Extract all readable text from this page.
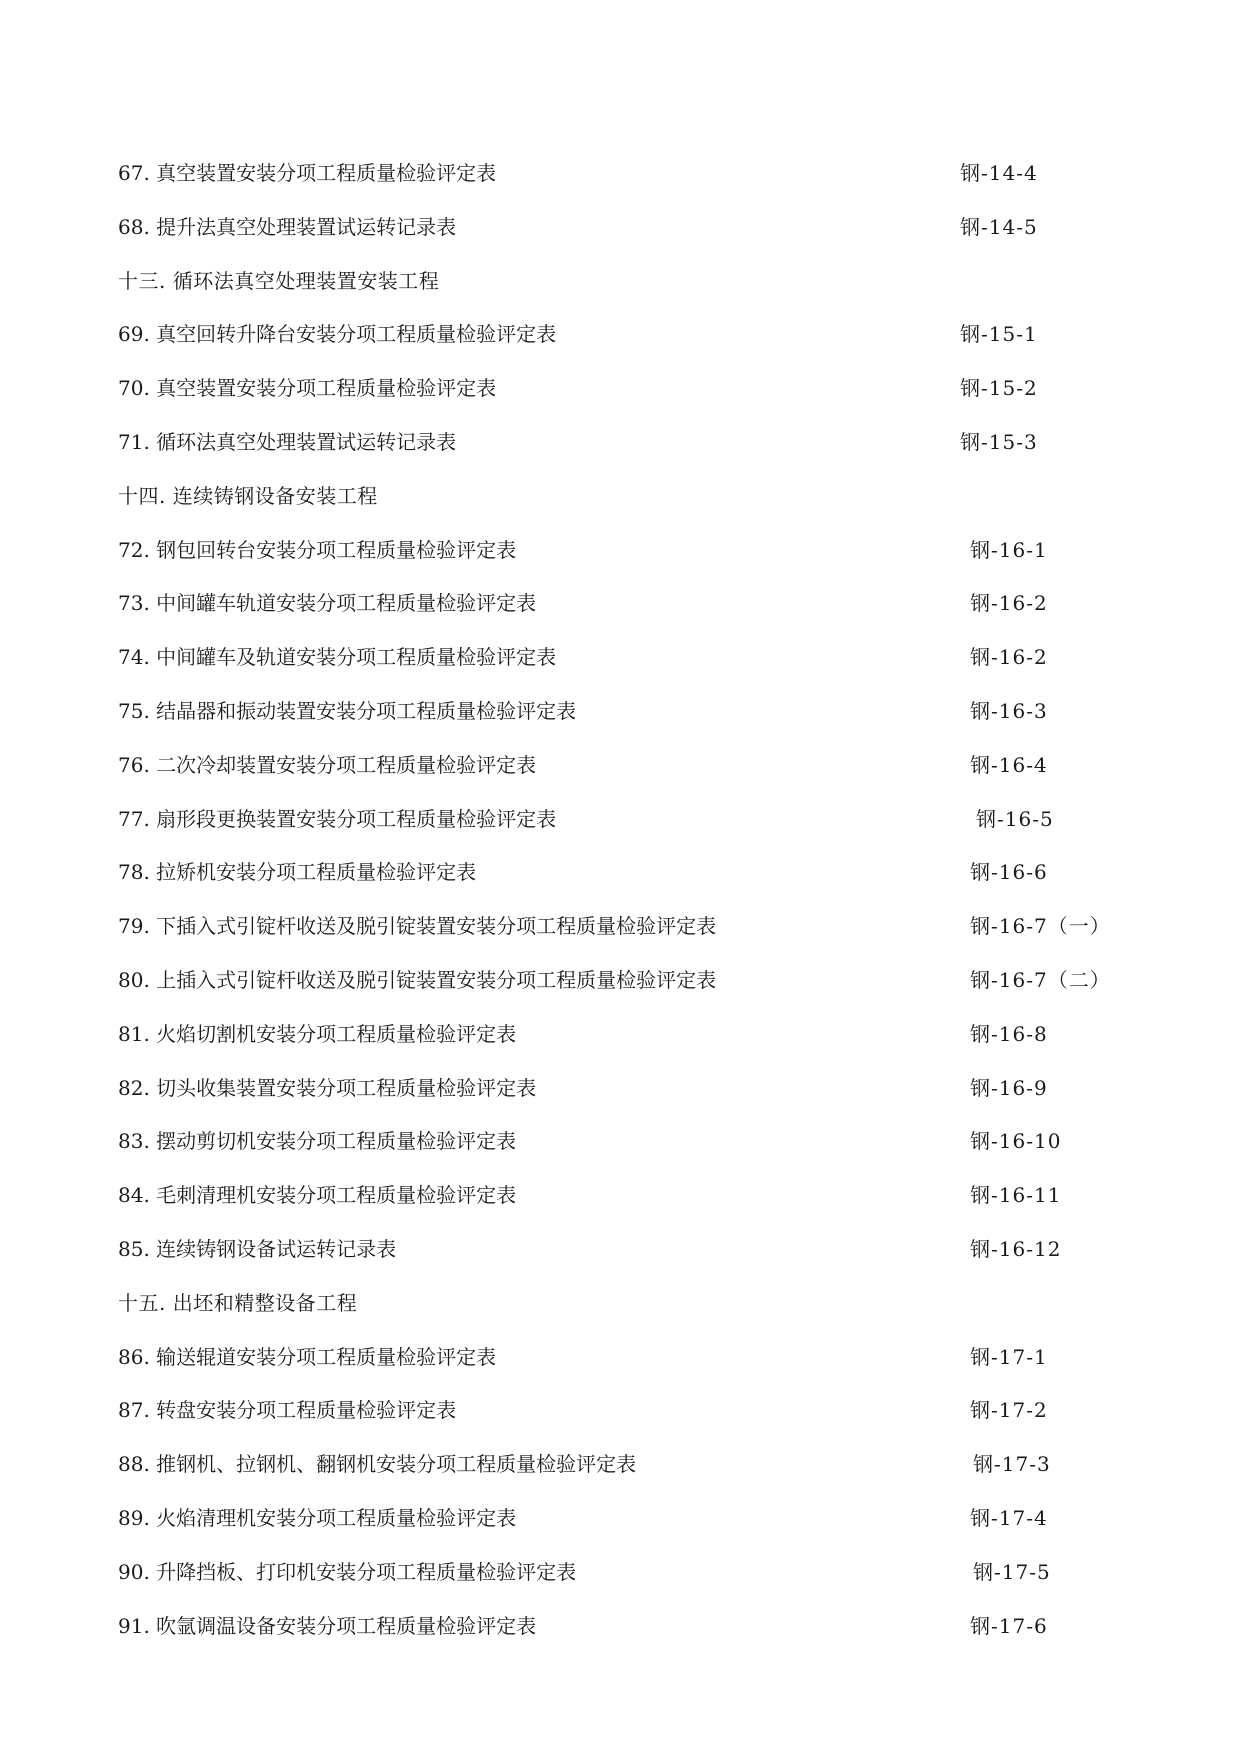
67. 真空装置安装分项工程质量检验评定表	钢-14-4
68. 提升法真空处理装置试运转记录表	钢-14-5
十三. 循环法真空处理装置安装工程
69. 真空回转升降台安装分项工程质量检验评定表	钢-15-1
70. 真空装置安装分项工程质量检验评定表	钢-15-2
71. 循环法真空处理装置试运转记录表	钢-15-3
十四. 连续铸钢设备安装工程
72. 钢包回转台安装分项工程质量检验评定表	钢-16-1
73. 中间罐车轨道安装分项工程质量检验评定表	钢-16-2
74. 中间罐车及轨道安装分项工程质量检验评定表	钢-16-2
75. 结晶器和振动装置安装分项工程质量检验评定表	钢-16-3
76. 二次冷却装置安装分项工程质量检验评定表	钢-16-4
77. 扇形段更换装置安装分项工程质量检验评定表	钢-16-5
78. 拉矫机安装分项工程质量检验评定表	钢-16-6
79. 下插入式引锭杆收送及脱引锭装置安装分项工程质量检验评定表	钢-16-7（一）
80. 上插入式引锭杆收送及脱引锭装置安装分项工程质量检验评定表	钢-16-7（二）
81. 火焰切割机安装分项工程质量检验评定表	钢-16-8
82. 切头收集装置安装分项工程质量检验评定表	钢-16-9
83. 摆动剪切机安装分项工程质量检验评定表	钢-16-10
84. 毛刺清理机安装分项工程质量检验评定表	钢-16-11
85. 连续铸钢设备试运转记录表	钢-16-12
十五. 出坯和精整设备工程
86. 输送辊道安装分项工程质量检验评定表	钢-17-1
87. 转盘安装分项工程质量检验评定表	钢-17-2
88. 推钢机、拉钢机、翻钢机安装分项工程质量检验评定表	钢-17-3
89. 火焰清理机安装分项工程质量检验评定表	钢-17-4
90. 升降挡板、打印机安装分项工程质量检验评定表	钢-17-5
91. 吹氩调温设备安装分项工程质量检验评定表	钢-17-6
